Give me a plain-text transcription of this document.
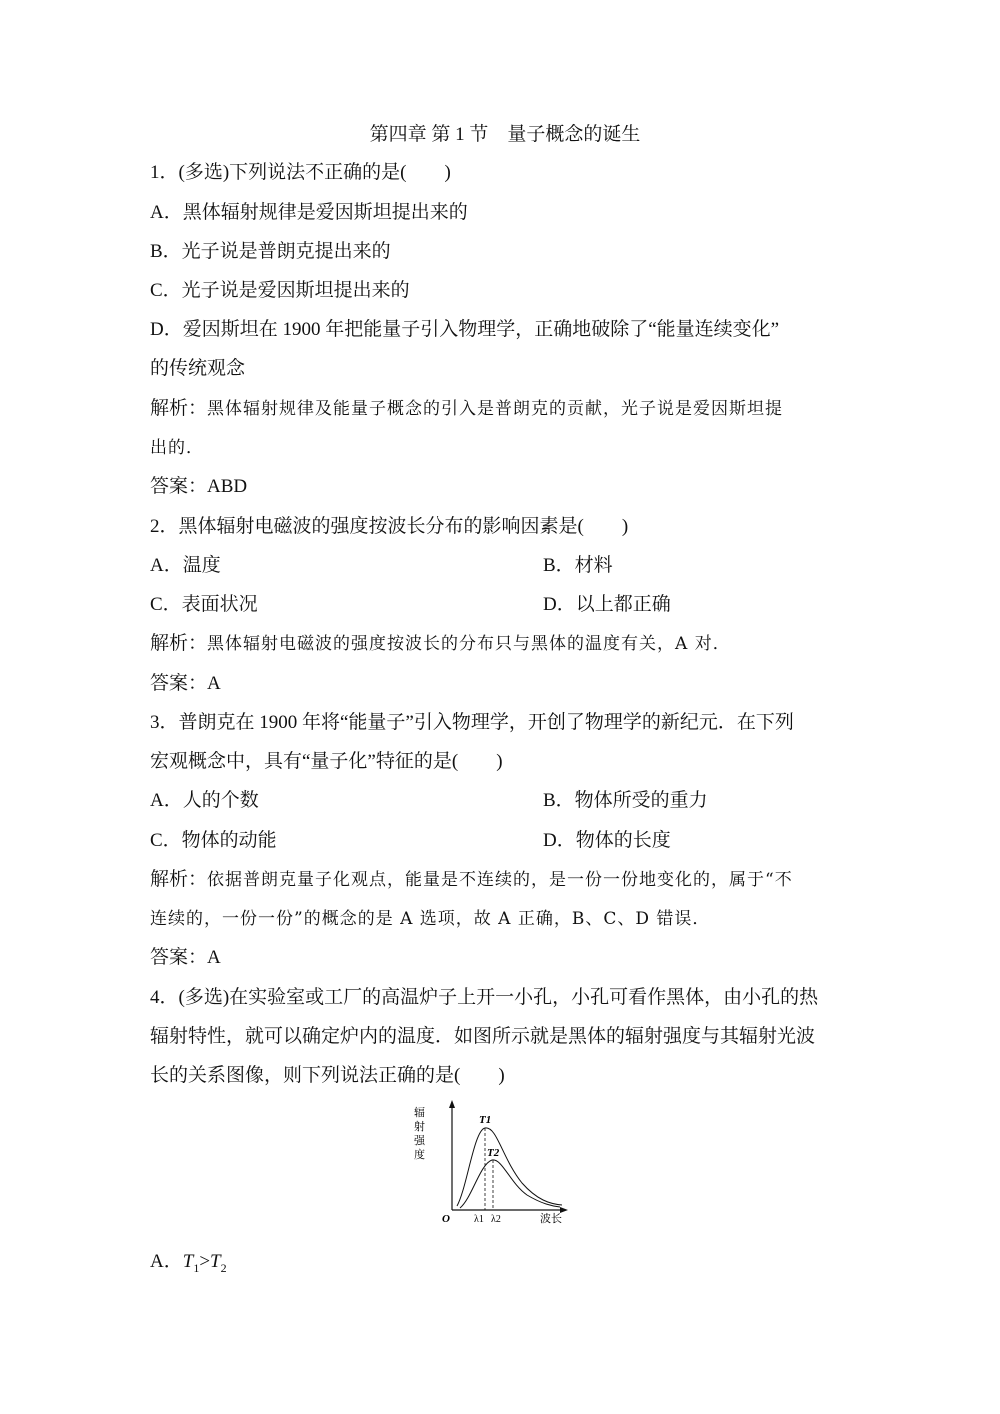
第四章 第 1 节　量子概念的诞生
1．(多选)下列说法不正确的是(　　)
A．黑体辐射规律是爱因斯坦提出来的
B．光子说是普朗克提出来的
C．光子说是爱因斯坦提出来的
D．爱因斯坦在 1900 年把能量子引入物理学，正确地破除了“能量连续变化”
的传统观念
解析：黑体辐射规律及能量子概念的引入是普朗克的贡献，光子说是爱因斯坦提
出的．
答案：ABD
2．黑体辐射电磁波的强度按波长分布的影响因素是(　　)
A．温度	B．材料
C．表面状况	D．以上都正确
解析：黑体辐射电磁波的强度按波长的分布只与黑体的温度有关，A 对．
答案：A
3．普朗克在 1900 年将“能量子”引入物理学，开创了物理学的新纪元．在下列
宏观概念中，具有“量子化”特征的是(　　)
A．人的个数	B．物体所受的重力
C．物体的动能	D．物体的长度
解析：依据普朗克量子化观点，能量是不连续的，是一份一份地变化的，属于“不
连续的，一份一份”的概念的是 A 选项，故 A 正确，B、C、D 错误．
答案：A
4．(多选)在实验室或工厂的高温炉子上开一小孔，小孔可看作黑体，由小孔的热
辐射特性，就可以确定炉内的温度．如图所示就是黑体的辐射强度与其辐射光波
长的关系图像，则下列说法正确的是(　　)
辐
射
强
度
T1
T2
O λ1 λ2	波长
A．$T_1>T_2$
